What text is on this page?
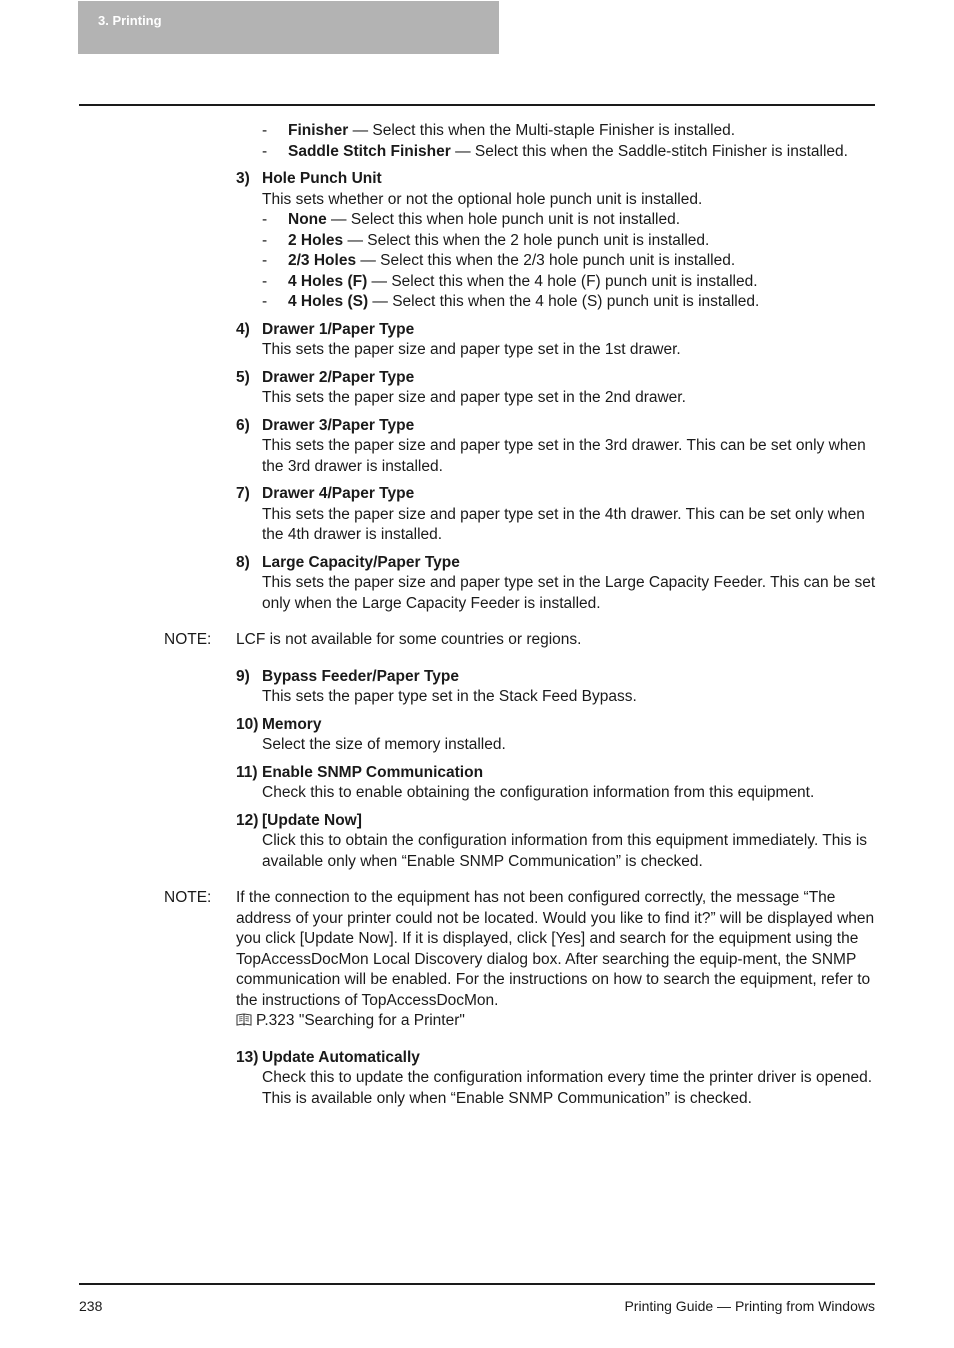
3. Printing
- Finisher — Select this when the Multi-staple Finisher is installed.
- Saddle Stitch Finisher — Select this when the Saddle-stitch Finisher is installed.
3) Hole Punch Unit
This sets whether or not the optional hole punch unit is installed.
- None — Select this when hole punch unit is not installed.
- 2 Holes — Select this when the 2 hole punch unit is installed.
- 2/3 Holes — Select this when the 2/3 hole punch unit is installed.
- 4 Holes (F) — Select this when the 4 hole (F) punch unit is installed.
- 4 Holes (S) — Select this when the 4 hole (S) punch unit is installed.
4) Drawer 1/Paper Type
This sets the paper size and paper type set in the 1st drawer.
5) Drawer 2/Paper Type
This sets the paper size and paper type set in the 2nd drawer.
6) Drawer 3/Paper Type
This sets the paper size and paper type set in the 3rd drawer. This can be set only when the 3rd drawer is installed.
7) Drawer 4/Paper Type
This sets the paper size and paper type set in the 4th drawer. This can be set only when the 4th drawer is installed.
8) Large Capacity/Paper Type
This sets the paper size and paper type set in the Large Capacity Feeder. This can be set only when the Large Capacity Feeder is installed.
NOTE: LCF is not available for some countries or regions.
9) Bypass Feeder/Paper Type
This sets the paper type set in the Stack Feed Bypass.
10) Memory
Select the size of memory installed.
11) Enable SNMP Communication
Check this to enable obtaining the configuration information from this equipment.
12) [Update Now]
Click this to obtain the configuration information from this equipment immediately. This is available only when “Enable SNMP Communication” is checked.
NOTE: If the connection to the equipment has not been configured correctly, the message “The address of your printer could not be located. Would you like to find it?” will be displayed when you click [Update Now]. If it is displayed, click [Yes] and search for the equipment using the TopAccessDocMon Local Discovery dialog box. After searching the equip-ment, the SNMP communication will be enabled. For the instructions on how to search the equipment, refer to the instructions of TopAccessDocMon.
P.323 "Searching for a Printer"
13) Update Automatically
Check this to update the configuration information every time the printer driver is opened. This is available only when “Enable SNMP Communication” is checked.
238	Printing Guide — Printing from Windows
